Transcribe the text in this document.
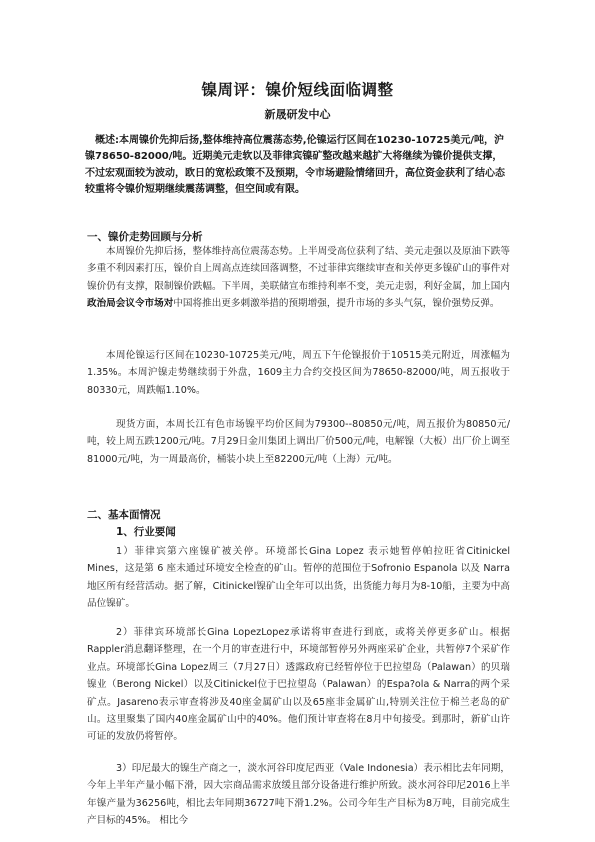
镍周评：镍价短线面临调整
新晟研发中心
概述:本周镍价先抑后扬,整体维持高位震荡态势,伦镍运行区间在10230-10725美元/吨，沪镍78650-82000/吨。近期美元走软以及菲律宾镍矿整改越来越扩大将继续为镍价提供支撑，不过宏观面较为波动，欧日的宽松政策不及预期，令市场避险情绪回升，高位资金获利了结心态较重将令镍价短期继续震荡调整，但空间或有限。
一、镍价走势回顾与分析
本周镍价先抑后扬，整体维持高位震荡态势。上半周受高位获利了结、美元走强以及原油下跌等多重不利因素打压，镍价自上周高点连续回落调整，不过菲律宾继续审查和关停更多镍矿山的事件对镍价仍有支撑，限制镍价跌幅。下半周，美联储宣布维持利率不变，美元走弱，利好金属，加上国内政治局会议令市场对中国将推出更多刺激举措的预期增强，提升市场的多头气氛，镍价强势反弹。
本周伦镍运行区间在10230-10725美元/吨，周五下午伦镍报价于10515美元附近，周涨幅为1.35%。本周沪镍走势继续弱于外盘，1609主力合约交投区间为78650-82000/吨，周五报收于80330元，周跌幅1.10%。
现货方面，本周长江有色市场镍平均价区间为79300--80850元/吨，周五报价为80850元/吨，较上周五跌1200元/吨。7月29日金川集团上调出厂价500元/吨，电解镍（大板）出厂价上调至81000元/吨，为一周最高价，桶装小块上至82200元/吨（上海）元/吨。
二、基本面情况
1、行业要闻
1）菲律宾第六座镍矿被关停。环境部长Gina Lopez 表示她暂停帕拉旺省Citinickel Mines，这是第 6 座未通过环境安全检查的矿山。暂停的范围位于Sofronio Espanola 以及 Narra地区所有经营活动。据了解，Citinickel镍矿山全年可以出货，出货能力每月为8-10船，主要为中高品位镍矿。
2）菲律宾环境部长Gina LopezLopez承诺将审查进行到底，或将关停更多矿山。根据Rappler消息翻译整理，在一个月的审查进行中，环境部暂停另外两座采矿企业，共暂停7个采矿作业点。环境部长Gina Lopez周三（7月27日）透露政府已经暂停位于巴拉望岛（Palawan）的贝瑞镍业（Berong Nickel）以及Citinickel位于巴拉望岛（Palawan）的Espa?ola & Narra的两个采矿点。Jasareno表示审查将涉及40座金属矿山以及65座非金属矿山,特别关注位于棉兰老岛的矿山。这里聚集了国内40座金属矿山中的40%。他们预计审查将在8月中旬接受。到那时，新矿山许可证的发放仍将暂停。
3）印尼最大的镍生产商之一，淡水河谷印度尼西亚（Vale Indonesia）表示相比去年同期，今年上半年产量小幅下滑，因大宗商品需求放缓且部分设备进行维护所致。淡水河谷印尼2016上半年镍产量为36256吨，相比去年同期36727吨下滑1.2%。公司今年生产目标为8万吨，目前完成生产目标的45%。 相比今
